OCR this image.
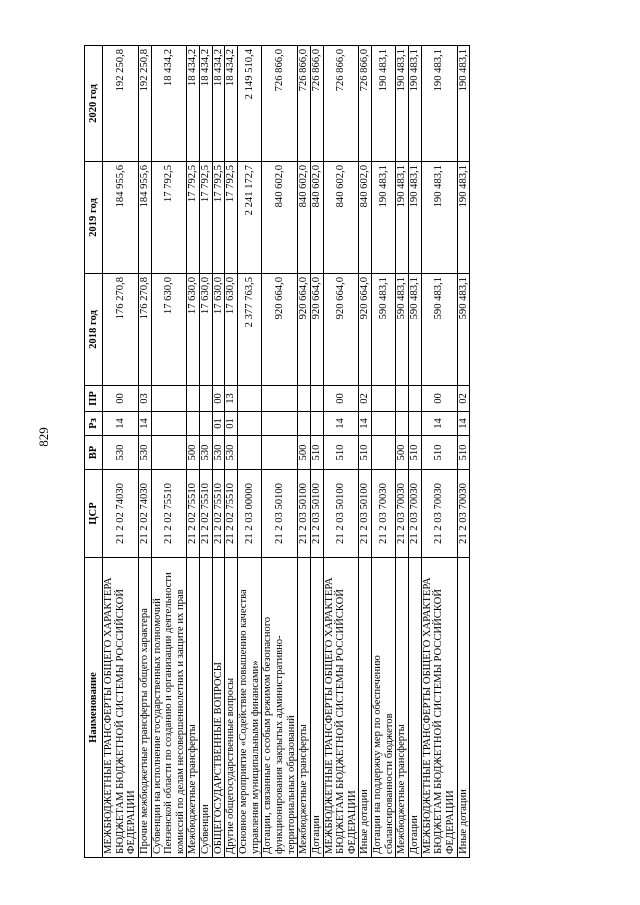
829
Наименование	ЦСР	ВР	Рз	ПР	2018 год	2019 год	2020 год
МЕЖБЮДЖЕТНЫЕ ТРАНСФЕРТЫ ОБЩЕГО ХАРАКТЕРА БЮДЖЕТАМ БЮДЖЕТНОЙ СИСТЕМЫ РОССИЙСКОЙ ФЕДЕРАЦИИ	21 2 02 74030	530	14	00	176 270,8	184 955,6	192 250,8
Прочие межбюджетные трансферты общего характера	21 2 02 74030	530	14	03	176 270,8	184 955,6	192 250,8
Субвенции на исполнение государственных полномочий Пензенской области по созданию и организации деятельности комиссий по делам несовершеннолетних и защите их прав	21 2 02 75510				17 630,0	17 792,5	18 434,2
Межбюджетные трансферты	21 2 02 75510	500			17 630,0	17 792,5	18 434,2
Субвенции	21 2 02 75510	530			17 630,0	17 792,5	18 434,2
ОБЩЕГОСУДАРСТВЕННЫЕ ВОПРОСЫ	21 2 02 75510	530	01	00	17 630,0	17 792,5	18 434,2
Другие общегосударственные вопросы	21 2 02 75510	530	01	13	17 630,0	17 792,5	18 434,2
Основное мероприятие «Содействие повышению качества управления муниципальными финансами»	21 2 03 00000				2 377 763,5	2 241 172,7	2 149 510,4
Дотации, связанные с особым режимом безопасного функционирования закрытых административно-территориальных образований	21 2 03 50100				920 664,0	840 602,0	726 866,0
Межбюджетные трансферты	21 2 03 50100	500			920 664,0	840 602,0	726 866,0
Дотации	21 2 03 50100	510			920 664,0	840 602,0	726 866,0
МЕЖБЮДЖЕТНЫЕ ТРАНСФЕРТЫ ОБЩЕГО ХАРАКТЕРА БЮДЖЕТАМ БЮДЖЕТНОЙ СИСТЕМЫ РОССИЙСКОЙ ФЕДЕРАЦИИ	21 2 03 50100	510	14	00	920 664,0	840 602,0	726 866,0
Иные дотации	21 2 03 50100	510	14	02	920 664,0	840 602,0	726 866,0
Дотации на поддержку мер по обеспечению сбалансированности бюджетов	21 2 03 70030				590 483,1	190 483,1	190 483,1
Межбюджетные трансферты	21 2 03 70030	500			590 483,1	190 483,1	190 483,1
Дотации	21 2 03 70030	510			590 483,1	190 483,1	190 483,1
МЕЖБЮДЖЕТНЫЕ ТРАНСФЕРТЫ ОБЩЕГО ХАРАКТЕРА БЮДЖЕТАМ БЮДЖЕТНОЙ СИСТЕМЫ РОССИЙСКОЙ ФЕДЕРАЦИИ	21 2 03 70030	510	14	00	590 483,1	190 483,1	190 483,1
Иные дотации	21 2 03 70030	510	14	02	590 483,1	190 483,1	190 483,1
